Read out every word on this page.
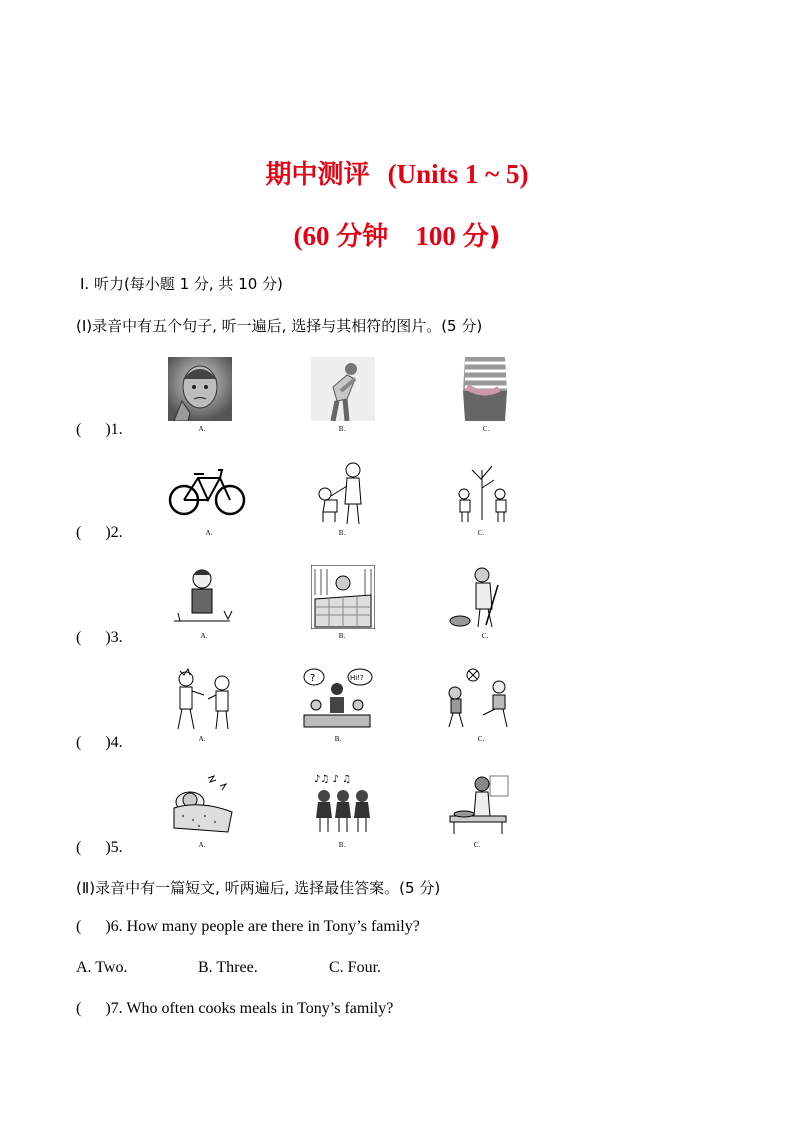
期中测评 (Units 1 ~ 5)
(60 分钟    100 分)
Ⅰ. 听力(每小题 1 分, 共 10 分)
(Ⅰ)录音中有五个句子, 听一遍后, 选择与其相符的图片。(5 分)
(      )1.
(      )2.
(      )3.
(      )4.
(      )5.
A.	B.	C.
A.	B.	C.
A.	B.	C.
A.
?	Hi!?
B.	C.
A.
♪♫ ♪ ♫
B.	C.
(Ⅱ)录音中有一篇短文, 听两遍后, 选择最佳答案。(5 分)
(      )6. How many people are there in Tony’s family?
A. Two.	B. Three.	C. Four.
(      )7. Who often cooks meals in Tony’s family?
